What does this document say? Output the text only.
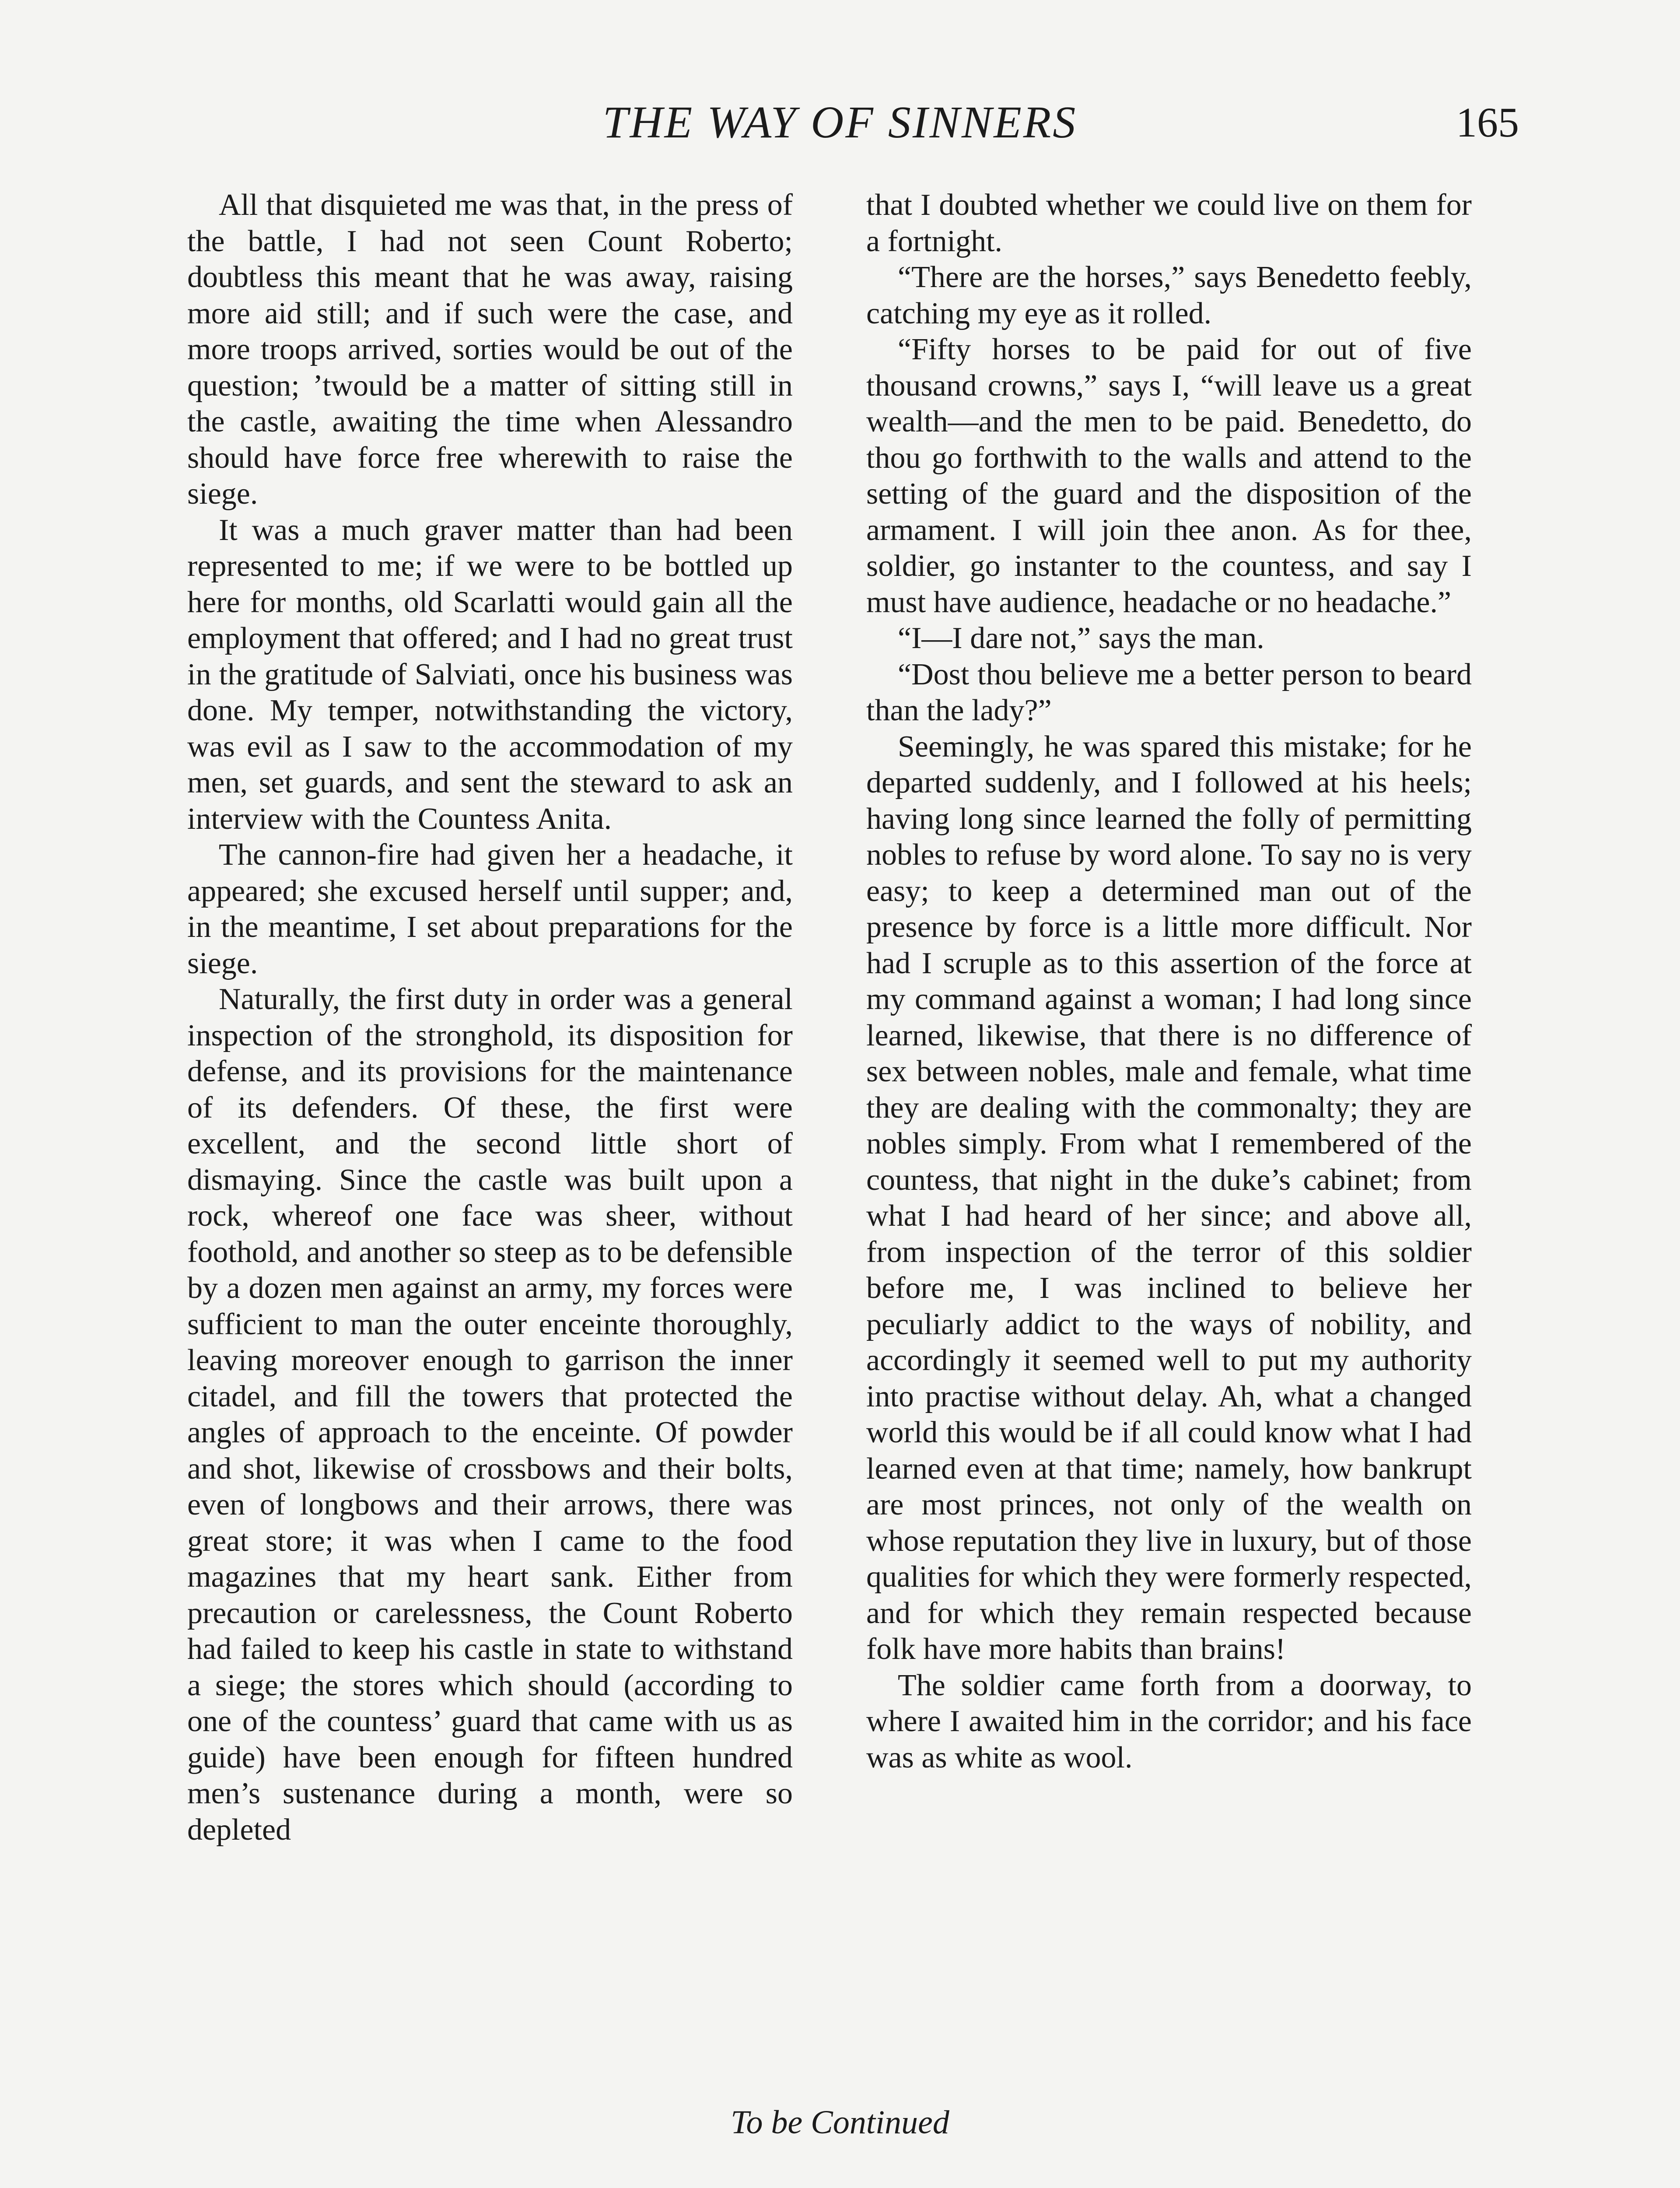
THE WAY OF SINNERS	165

All that disquieted me was that, in the press of the battle, I had not seen Count Roberto; doubtless this meant that he was away, raising more aid still; and if such were the case, and more troops arrived, sorties would be out of the question; ’twould be a matter of sitting still in the castle, awaiting the time when Alessandro should have force free wherewith to raise the siege.

It was a much graver matter than had been represented to me; if we were to be bottled up here for months, old Scarlatti would gain all the employment that offered; and I had no great trust in the gratitude of Salviati, once his business was done. My temper, notwithstanding the victory, was evil as I saw to the accommodation of my men, set guards, and sent the steward to ask an interview with the Countess Anita.

The cannon-fire had given her a headache, it appeared; she excused herself until supper; and, in the meantime, I set about preparations for the siege.

Naturally, the first duty in order was a general inspection of the stronghold, its disposition for defense, and its provisions for the maintenance of its defenders. Of these, the first were excellent, and the second little short of dismaying. Since the castle was built upon a rock, whereof one face was sheer, without foothold, and another so steep as to be defensible by a dozen men against an army, my forces were sufficient to man the outer enceinte thoroughly, leaving moreover enough to garrison the inner citadel, and fill the towers that protected the angles of approach to the enceinte. Of powder and shot, likewise of crossbows and their bolts, even of longbows and their arrows, there was great store; it was when I came to the food magazines that my heart sank. Either from precaution or carelessness, the Count Roberto had failed to keep his castle in state to withstand a siege; the stores which should (according to one of the countess’ guard that came with us as guide) have been enough for fifteen hundred men’s sustenance during a month, were so depleted

that I doubted whether we could live on them for a fortnight.

“There are the horses,” says Benedetto feebly, catching my eye as it rolled.

“Fifty horses to be paid for out of five thousand crowns,” says I, “will leave us a great wealth—and the men to be paid. Benedetto, do thou go forthwith to the walls and attend to the setting of the guard and the disposition of the armament. I will join thee anon. As for thee, soldier, go instanter to the countess, and say I must have audience, headache or no headache.”

“I—I dare not,” says the man.

“Dost thou believe me a better person to beard than the lady?”

Seemingly, he was spared this mistake; for he departed suddenly, and I followed at his heels; having long since learned the folly of permitting nobles to refuse by word alone. To say no is very easy; to keep a determined man out of the presence by force is a little more difficult. Nor had I scruple as to this assertion of the force at my command against a woman; I had long since learned, likewise, that there is no difference of sex between nobles, male and female, what time they are dealing with the commonalty; they are nobles simply. From what I remembered of the countess, that night in the duke’s cabinet; from what I had heard of her since; and above all, from inspection of the terror of this soldier before me, I was inclined to believe her peculiarly addict to the ways of nobility, and accordingly it seemed well to put my authority into practise without delay. Ah, what a changed world this would be if all could know what I had learned even at that time; namely, how bankrupt are most princes, not only of the wealth on whose reputation they live in luxury, but of those qualities for which they were formerly respected, and for which they remain respected because folk have more habits than brains!

The soldier came forth from a doorway, to where I awaited him in the corridor; and his face was as white as wool.

To be Continued
